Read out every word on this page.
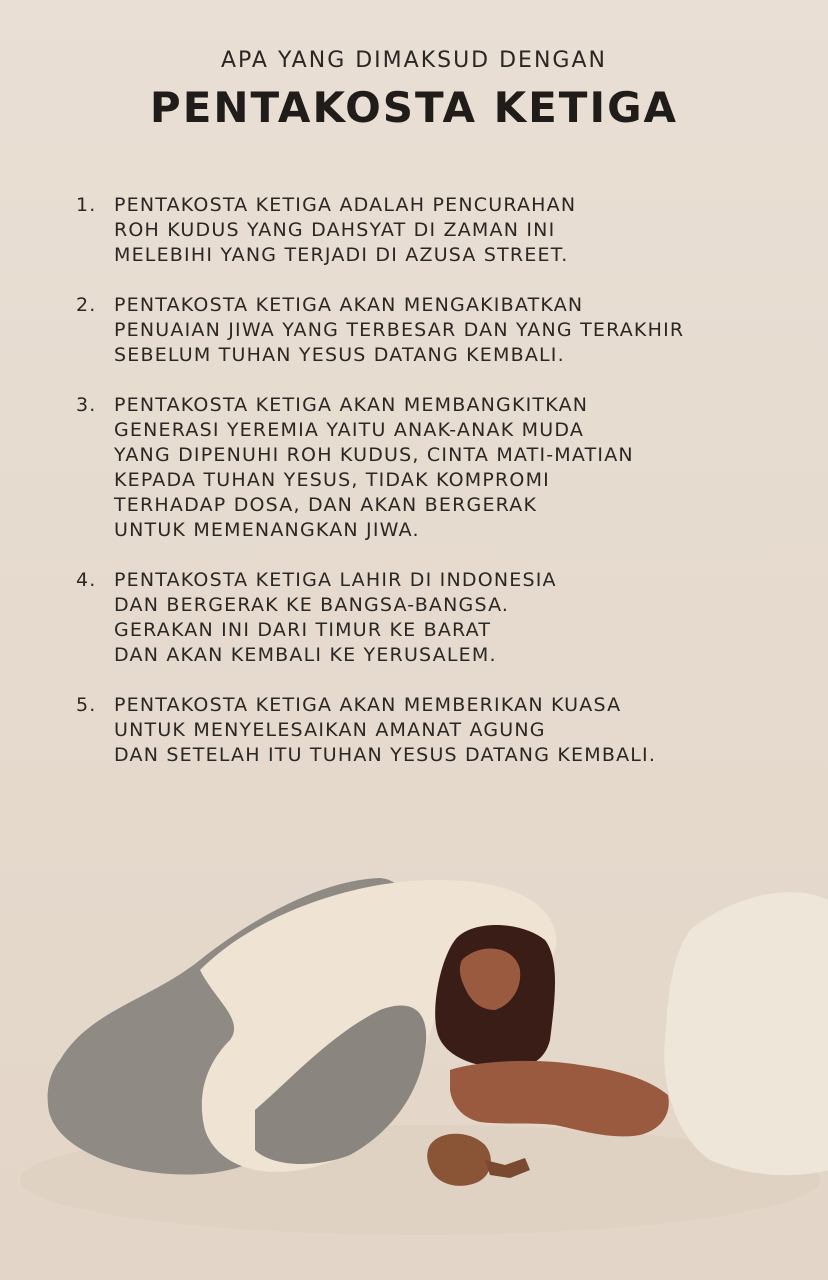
APA YANG DIMAKSUD DENGAN
PENTAKOSTA KETIGA
1. PENTAKOSTA KETIGA ADALAH PENCURAHAN
ROH KUDUS YANG DAHSYAT DI ZAMAN INI
MELEBIHI YANG TERJADI DI AZUSA STREET.
2. PENTAKOSTA KETIGA AKAN MENGAKIBATKAN
PENUAIAN JIWA YANG TERBESAR DAN YANG TERAKHIR
SEBELUM TUHAN YESUS DATANG KEMBALI.
3. PENTAKOSTA KETIGA AKAN MEMBANGKITKAN
GENERASI YEREMIA YAITU ANAK-ANAK MUDA
YANG DIPENUHI ROH KUDUS, CINTA MATI-MATIAN
KEPADA TUHAN YESUS, TIDAK KOMPROMI
TERHADAP DOSA, DAN AKAN BERGERAK
UNTUK MEMENANGKAN JIWA.
4. PENTAKOSTA KETIGA LAHIR DI INDONESIA
DAN BERGERAK KE BANGSA-BANGSA.
GERAKAN INI DARI TIMUR KE BARAT
DAN AKAN KEMBALI KE YERUSALEM.
5. PENTAKOSTA KETIGA AKAN MEMBERIKAN KUASA
UNTUK MENYELESAIKAN AMANAT AGUNG
DAN SETELAH ITU TUHAN YESUS DATANG KEMBALI.
